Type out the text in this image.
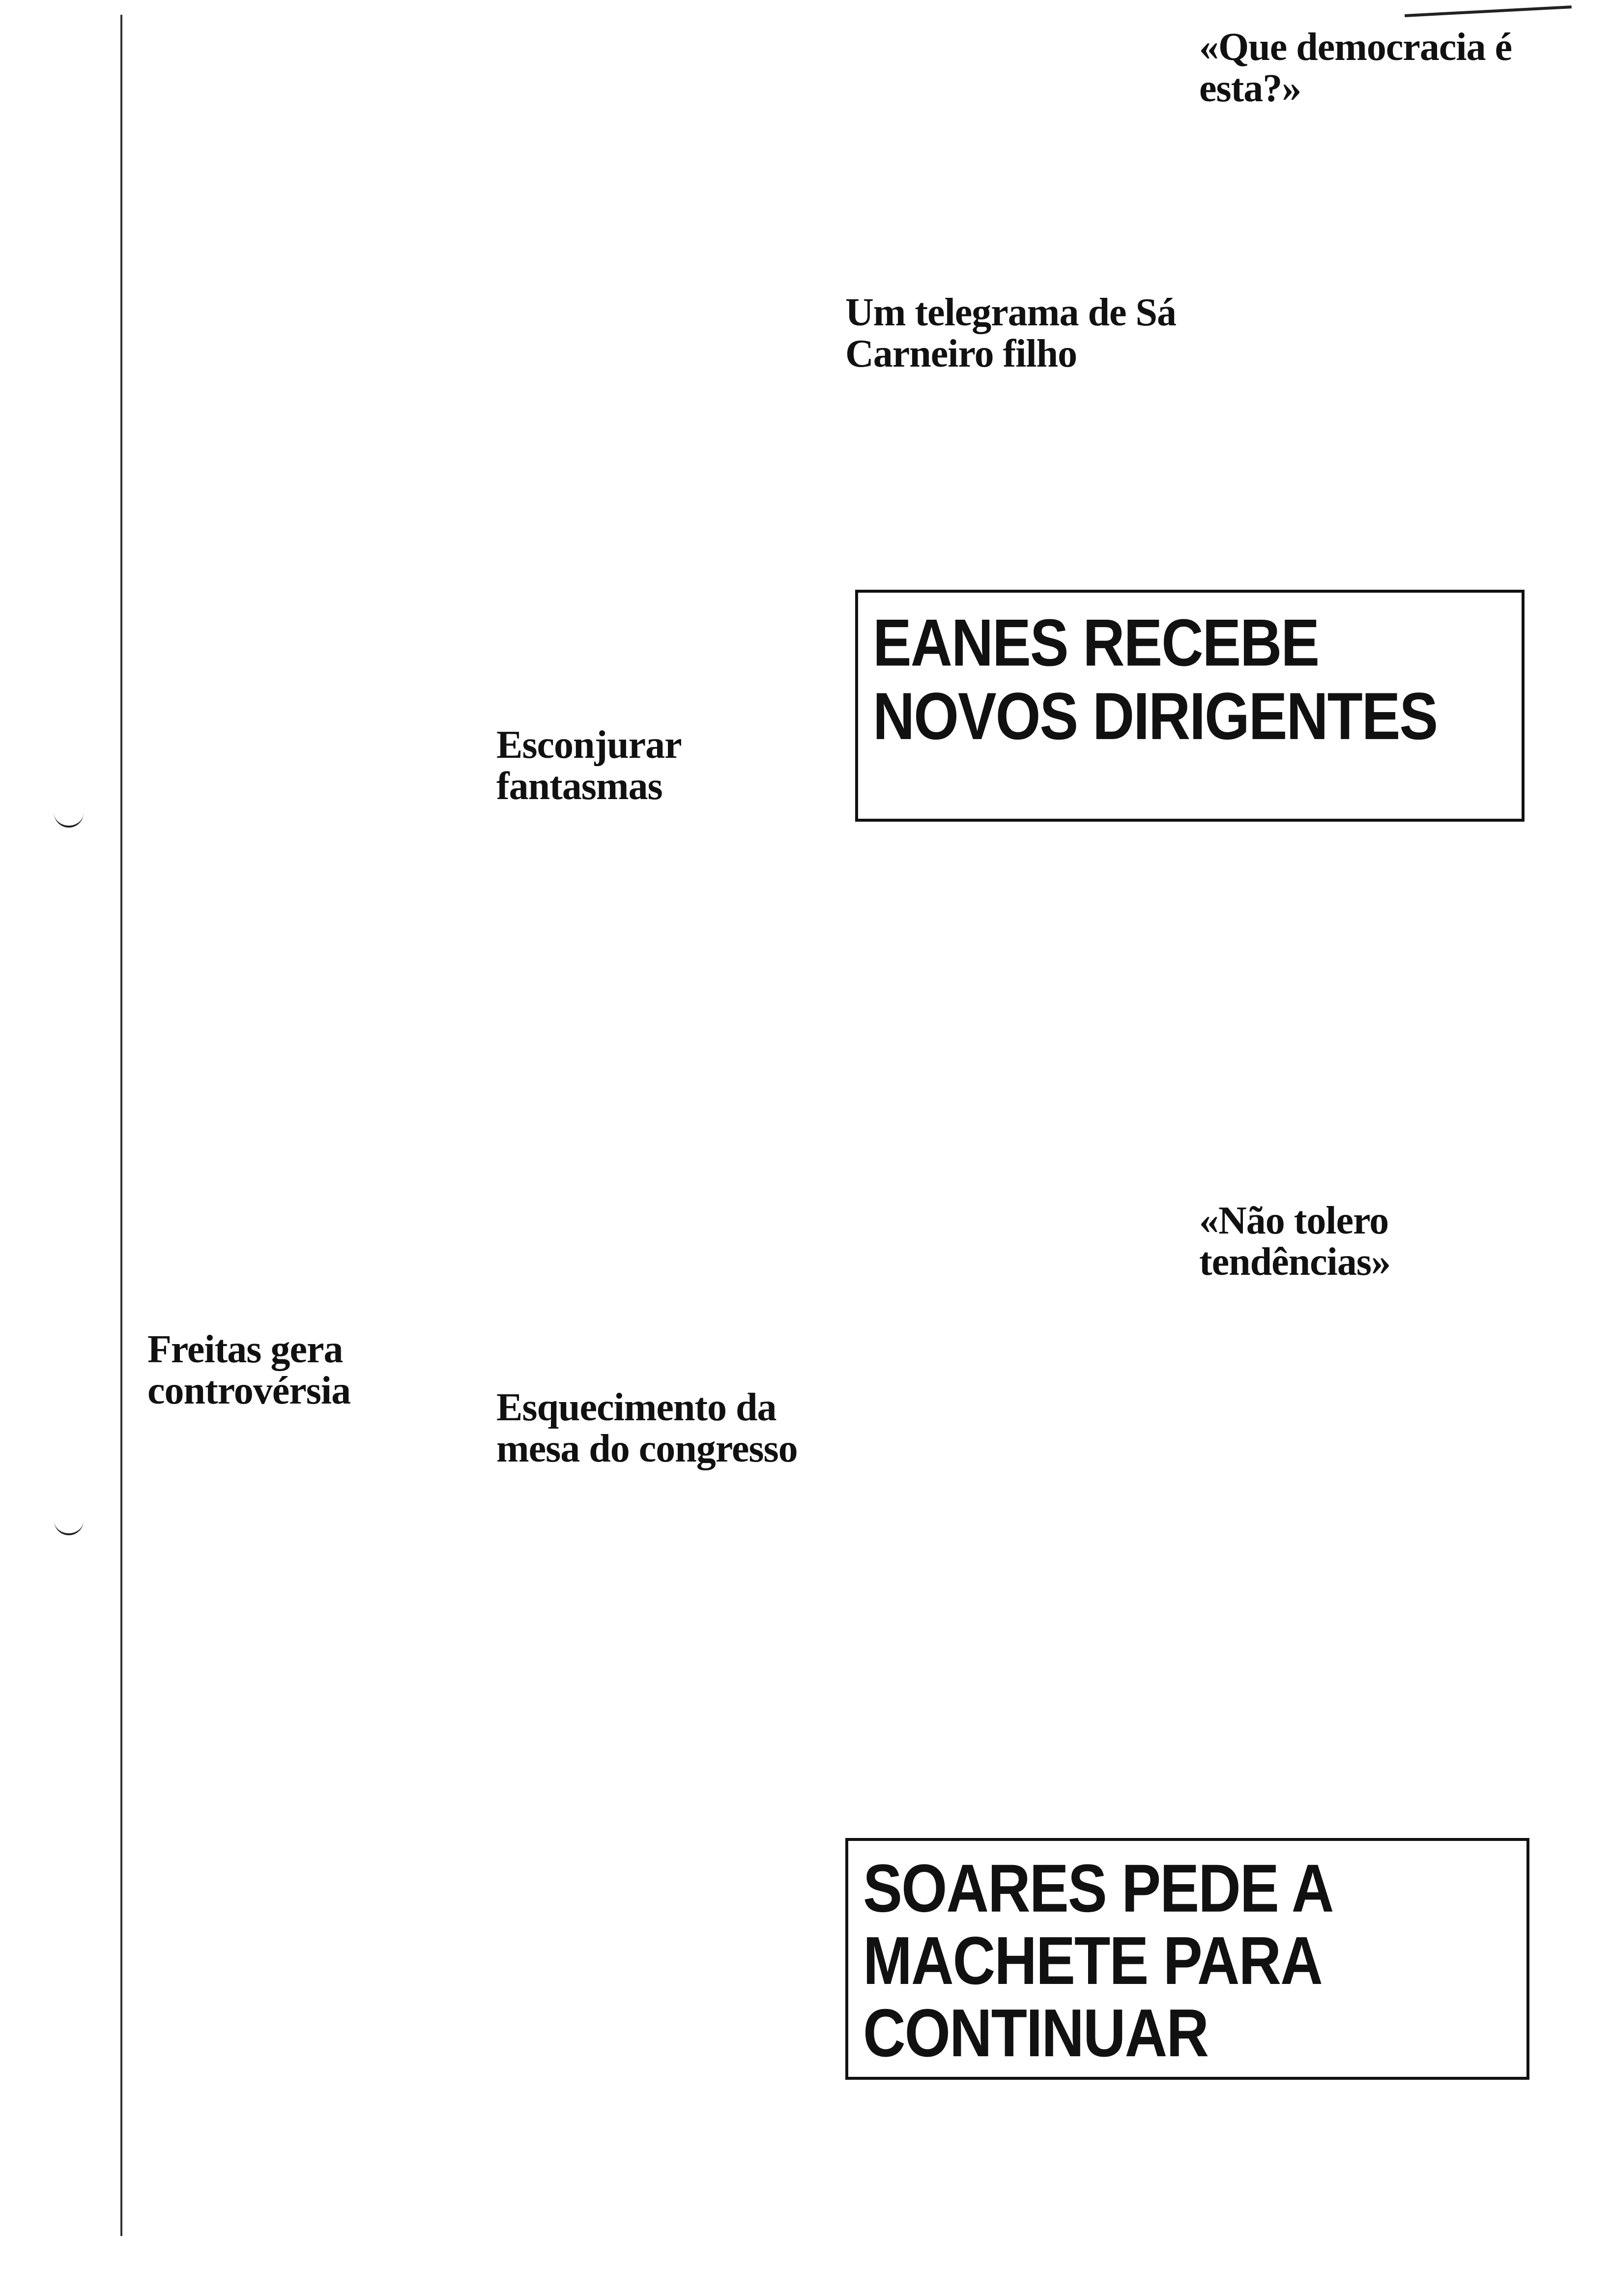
Freitas gera controvérsia

Esconjurar fantasmas

Esquecimento da mesa do congresso

Um telegrama de Sá Carneiro filho

«Que democracia é esta?»

«Não tolero tendências»

EANES RECEBE NOVOS DIRIGENTES
SOARES PEDE A MACHETE PARA CONTINUAR
